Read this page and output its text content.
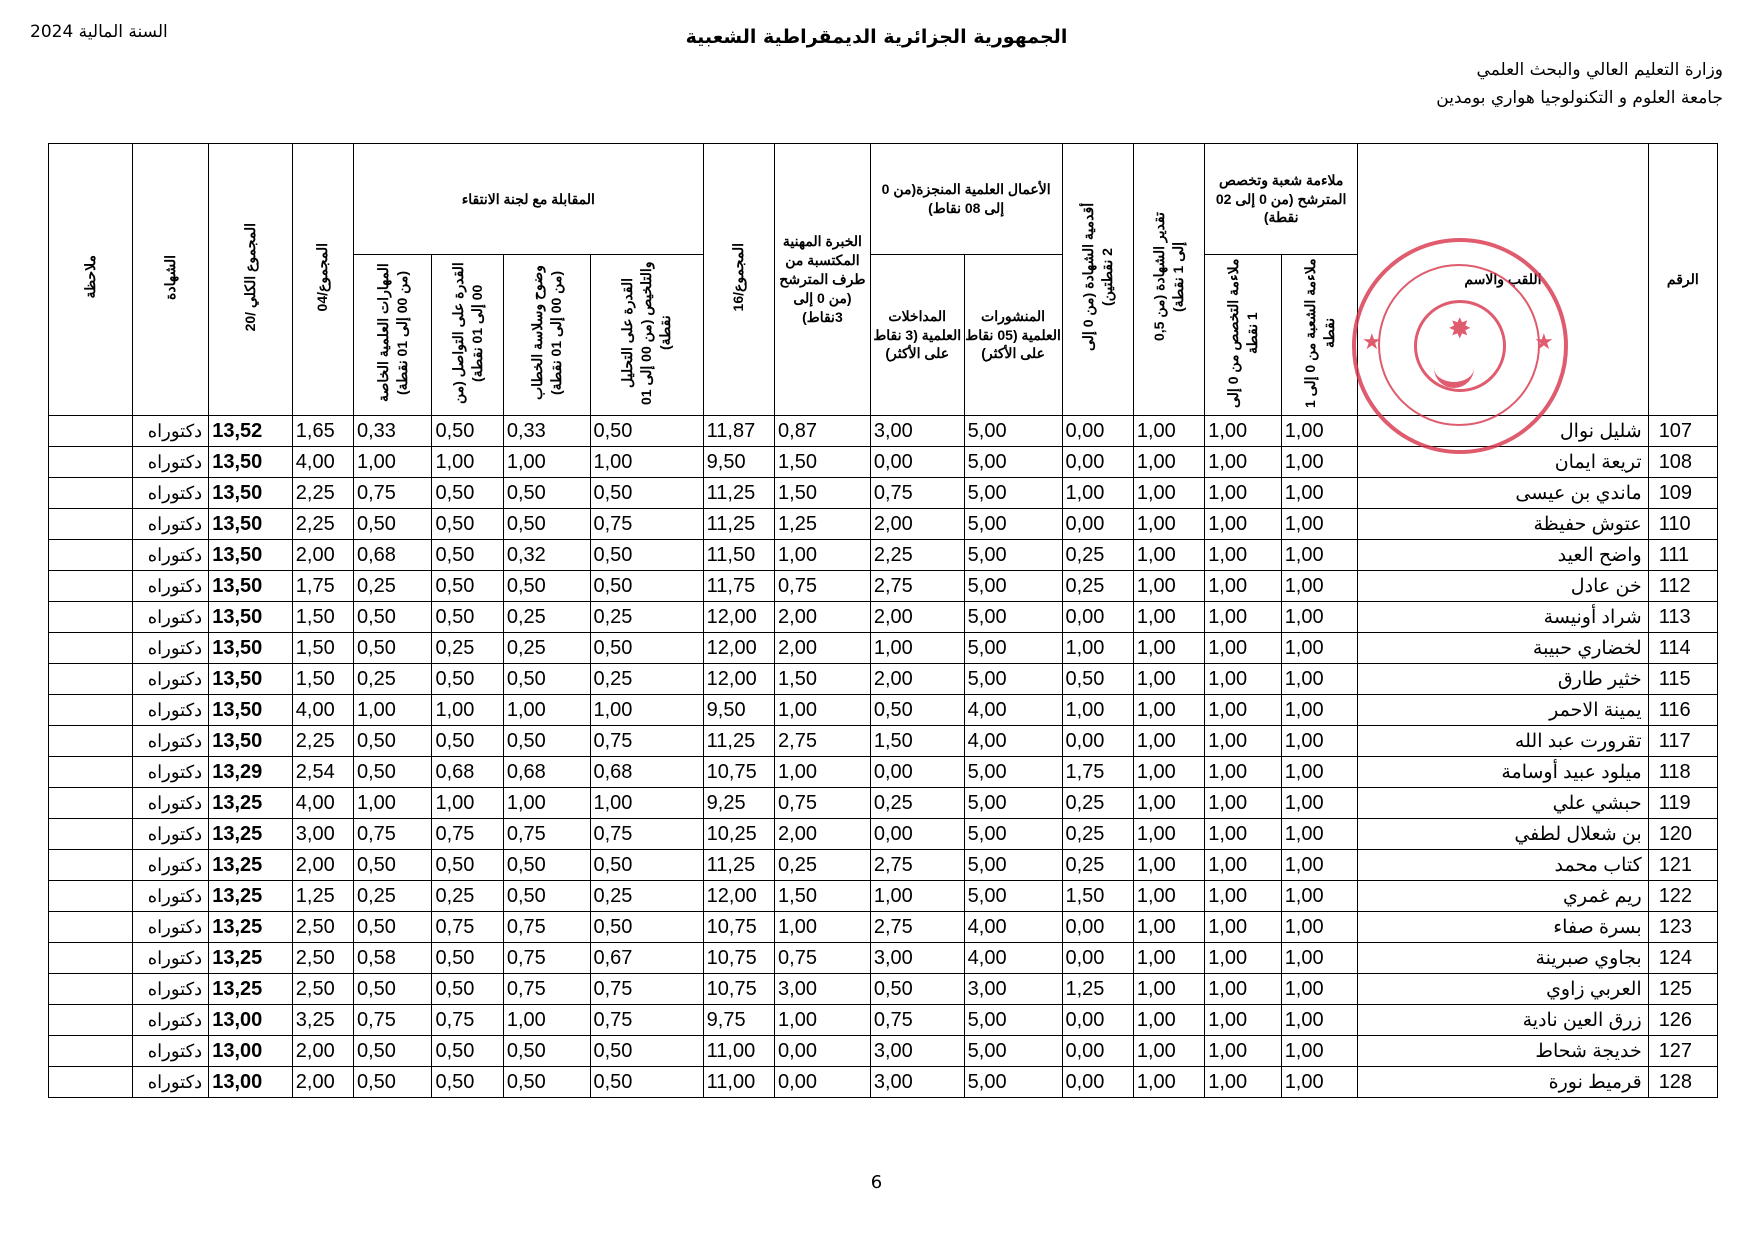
السنة المالية 2024	الجمهورية الجزائرية الديمقراطية الشعبية
وزارة التعليم العالي والبحث العلمي
جامعة العلوم و التكنولوجيا هواري بومدين
الرقم	اللقب والاسم	ملاءمة شعبة وتخصص المترشح (من 0 إلى 02 نقطة)		تقدير الشهادة (من 0,5 إلى 1 نقطة)	أقدمية الشهادة (من 0 إلى 2 نقطتين)	الأعمال العلمية المنجزة(من 0 إلى 08 نقاط)		الخبرة المهنية المكتسبة من طرف المترشح (من 0 إلى 3نقاط)	المجموع/16	المقابلة مع لجنة الانتقاء				المجموع/04	المجموع الكلي /20	الشهادة	ملاحظة
		ملاءمة الشعبة من 0 إلى 1 نقطة	ملاءمة التخصص من 0 إلى 1 نقطة			المنشورات العلمية (05 نقاط على الأكثر)	المداخلات العلمية (3 نقاط على الأكثر)			القدرة على التحليل والتلخيص (من 00 إلى 01 نقطة)	وضوح وسلاسة الخطاب (من 00 إلى 01 نقطة)	القدرة على التواصل (من 00 إلى 01 نقطة)	المهارات العلمية الخاصة (من 00 إلى 01 نقطة)				
107	شليل نوال	1,00	1,00	1,00	0,00	5,00	3,00	0,87	11,87	0,50	0,33	0,50	0,33	1,65	13,52	دكتوراه	
108	تريعة ايمان	1,00	1,00	1,00	0,00	5,00	0,00	1,50	9,50	1,00	1,00	1,00	1,00	4,00	13,50	دكتوراه	
109	ماندي بن عيسى	1,00	1,00	1,00	1,00	5,00	0,75	1,50	11,25	0,50	0,50	0,50	0,75	2,25	13,50	دكتوراه	
110	عتوش حفيظة	1,00	1,00	1,00	0,00	5,00	2,00	1,25	11,25	0,75	0,50	0,50	0,50	2,25	13,50	دكتوراه	
111	واضح العيد	1,00	1,00	1,00	0,25	5,00	2,25	1,00	11,50	0,50	0,32	0,50	0,68	2,00	13,50	دكتوراه	
112	خن عادل	1,00	1,00	1,00	0,25	5,00	2,75	0,75	11,75	0,50	0,50	0,50	0,25	1,75	13,50	دكتوراه	
113	شراد أونيسة	1,00	1,00	1,00	0,00	5,00	2,00	2,00	12,00	0,25	0,25	0,50	0,50	1,50	13,50	دكتوراه	
114	لخضاري حبيبة	1,00	1,00	1,00	1,00	5,00	1,00	2,00	12,00	0,50	0,25	0,25	0,50	1,50	13,50	دكتوراه	
115	خثير طارق	1,00	1,00	1,00	0,50	5,00	2,00	1,50	12,00	0,25	0,50	0,50	0,25	1,50	13,50	دكتوراه	
116	يمينة الاحمر	1,00	1,00	1,00	1,00	4,00	0,50	1,00	9,50	1,00	1,00	1,00	1,00	4,00	13,50	دكتوراه	
117	تقرورت عبد الله	1,00	1,00	1,00	0,00	4,00	1,50	2,75	11,25	0,75	0,50	0,50	0,50	2,25	13,50	دكتوراه	
118	ميلود عبيد أوسامة	1,00	1,00	1,00	1,75	5,00	0,00	1,00	10,75	0,68	0,68	0,68	0,50	2,54	13,29	دكتوراه	
119	حبشي علي	1,00	1,00	1,00	0,25	5,00	0,25	0,75	9,25	1,00	1,00	1,00	1,00	4,00	13,25	دكتوراه	
120	بن شعلال لطفي	1,00	1,00	1,00	0,25	5,00	0,00	2,00	10,25	0,75	0,75	0,75	0,75	3,00	13,25	دكتوراه	
121	كتاب محمد	1,00	1,00	1,00	0,25	5,00	2,75	0,25	11,25	0,50	0,50	0,50	0,50	2,00	13,25	دكتوراه	
122	ريم غمري	1,00	1,00	1,00	1,50	5,00	1,00	1,50	12,00	0,25	0,50	0,25	0,25	1,25	13,25	دكتوراه	
123	بسرة صفاء	1,00	1,00	1,00	0,00	4,00	2,75	1,00	10,75	0,50	0,75	0,75	0,50	2,50	13,25	دكتوراه	
124	بجاوي صبرينة	1,00	1,00	1,00	0,00	4,00	3,00	0,75	10,75	0,67	0,75	0,50	0,58	2,50	13,25	دكتوراه	
125	العربي زاوي	1,00	1,00	1,00	1,25	3,00	0,50	3,00	10,75	0,75	0,75	0,50	0,50	2,50	13,25	دكتوراه	
126	زرق العين نادية	1,00	1,00	1,00	0,00	5,00	0,75	1,00	9,75	0,75	1,00	0,75	0,75	3,25	13,00	دكتوراه	
127	خديجة شحاط	1,00	1,00	1,00	0,00	5,00	3,00	0,00	11,00	0,50	0,50	0,50	0,50	2,00	13,00	دكتوراه	
128	قرميط نورة	1,00	1,00	1,00	0,00	5,00	3,00	0,00	11,00	0,50	0,50	0,50	0,50	2,00	13,00	دكتوراه	
★	★
✸
6
